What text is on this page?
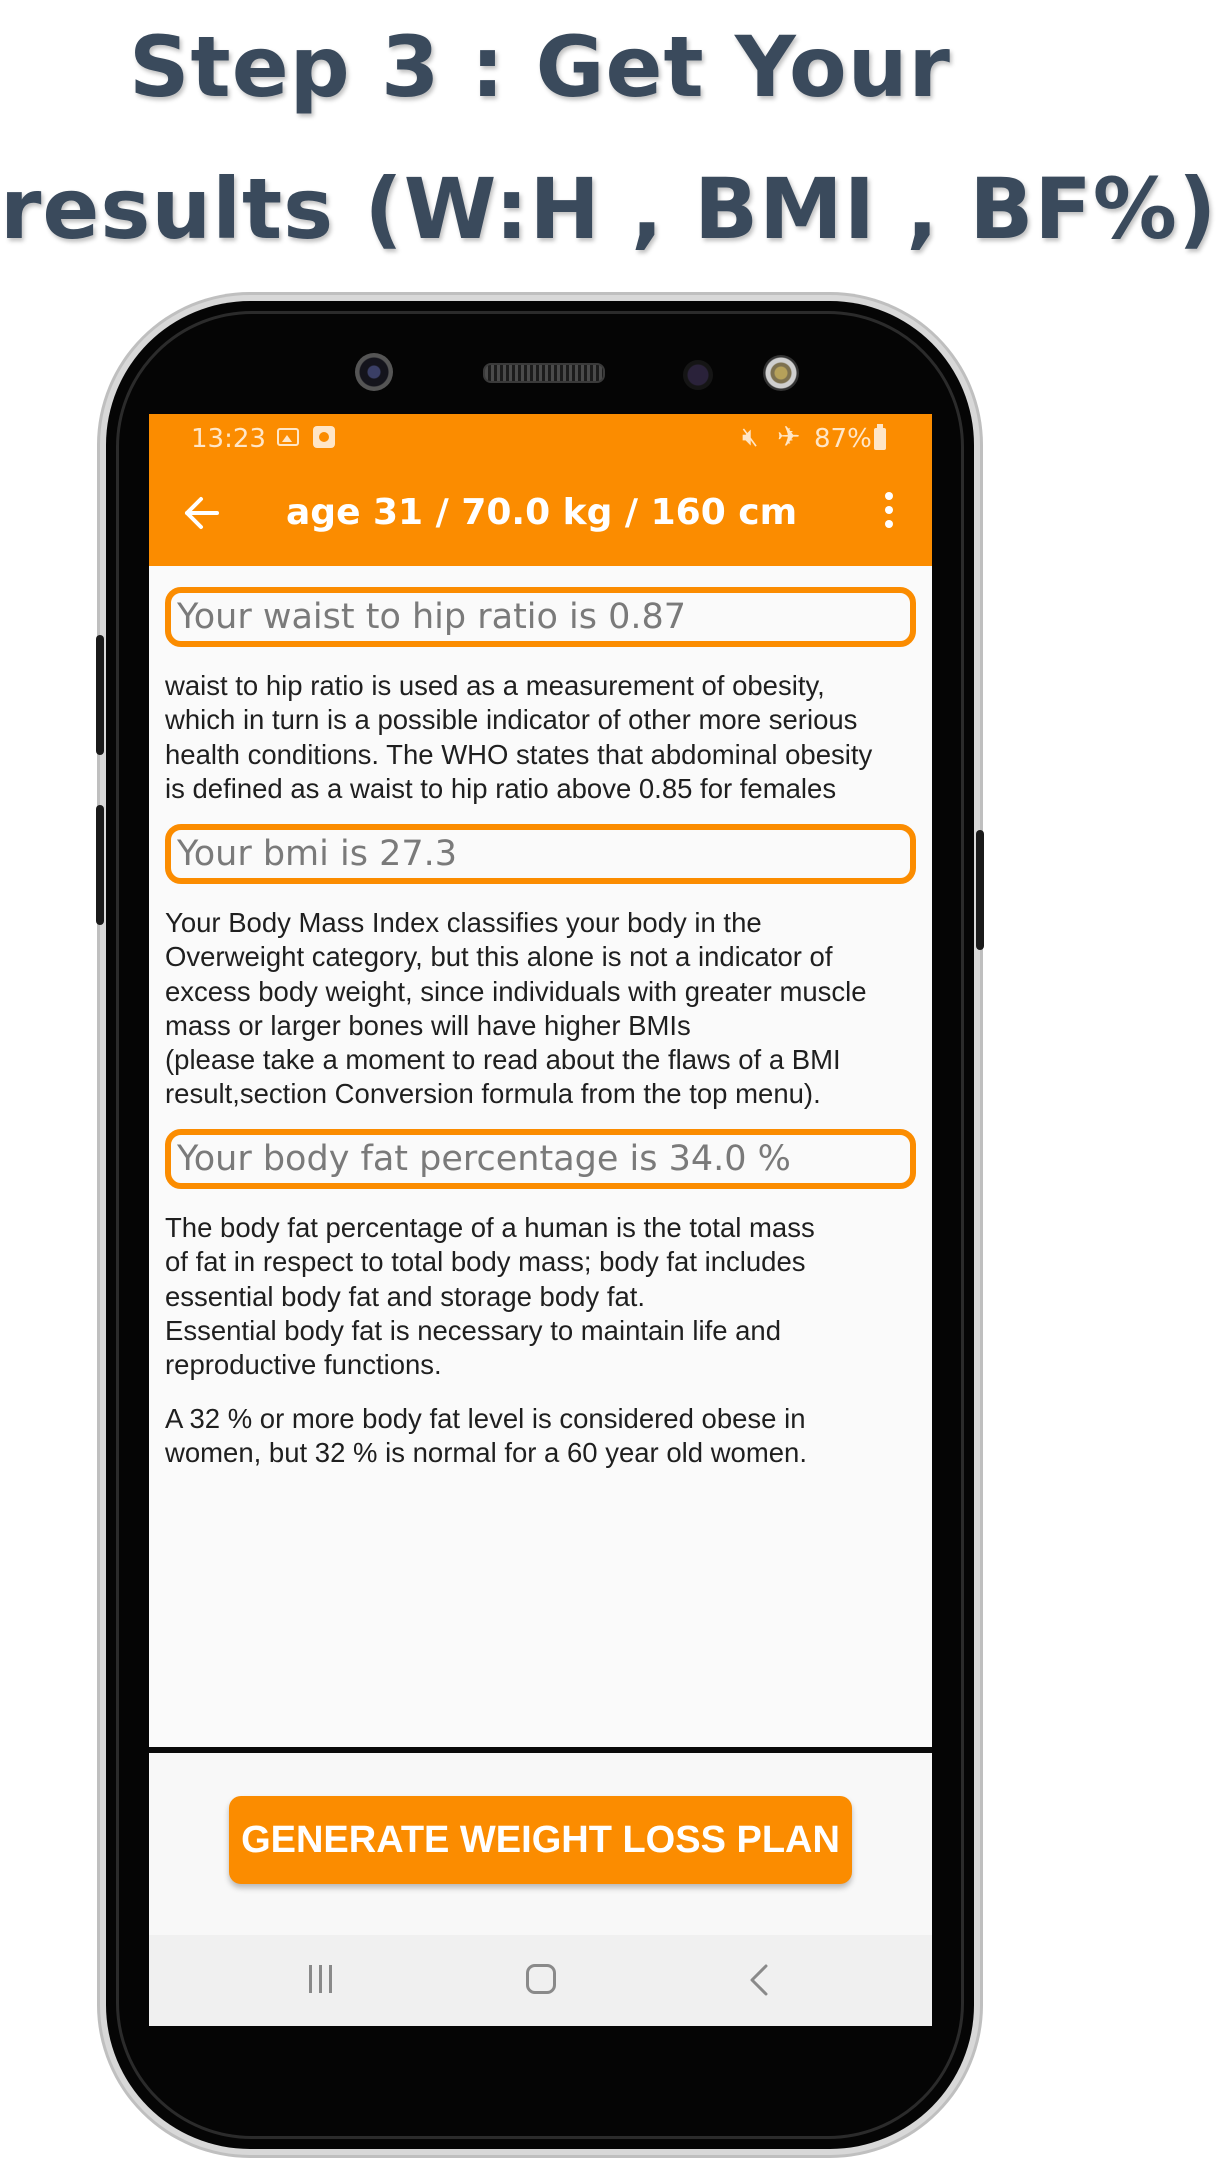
Step 3 : Get Your
results (W:H , BMI , BF%)
13:23	🔇︎ ✈︎ 87%
age 31 / 70.0 kg / 160 cm
Your waist to hip ratio is 0.87

waist to hip ratio is used as a measurement of obesity,

which in turn is a possible indicator of other more serious

health conditions. The WHO states that abdominal obesity

is defined as a waist to hip ratio above 0.85 for females

Your bmi is 27.3

Your Body Mass Index classifies your body in the

Overweight category, but this alone is not a indicator of

excess body weight, since individuals with greater muscle

mass or larger bones will have higher BMIs

(please take a moment to read about the flaws of a BMI

result,section Conversion formula from the top menu).

Your body fat percentage is 34.0 %

The body fat percentage of a human is the total mass

of fat in respect to total body mass; body fat includes

essential body fat and storage body fat.

Essential body fat is necessary to maintain life and

reproductive functions.

A 32 % or more body fat level is considered obese in

women, but 32 % is normal for a 60 year old women.

GENERATE WEIGHT LOSS PLAN
